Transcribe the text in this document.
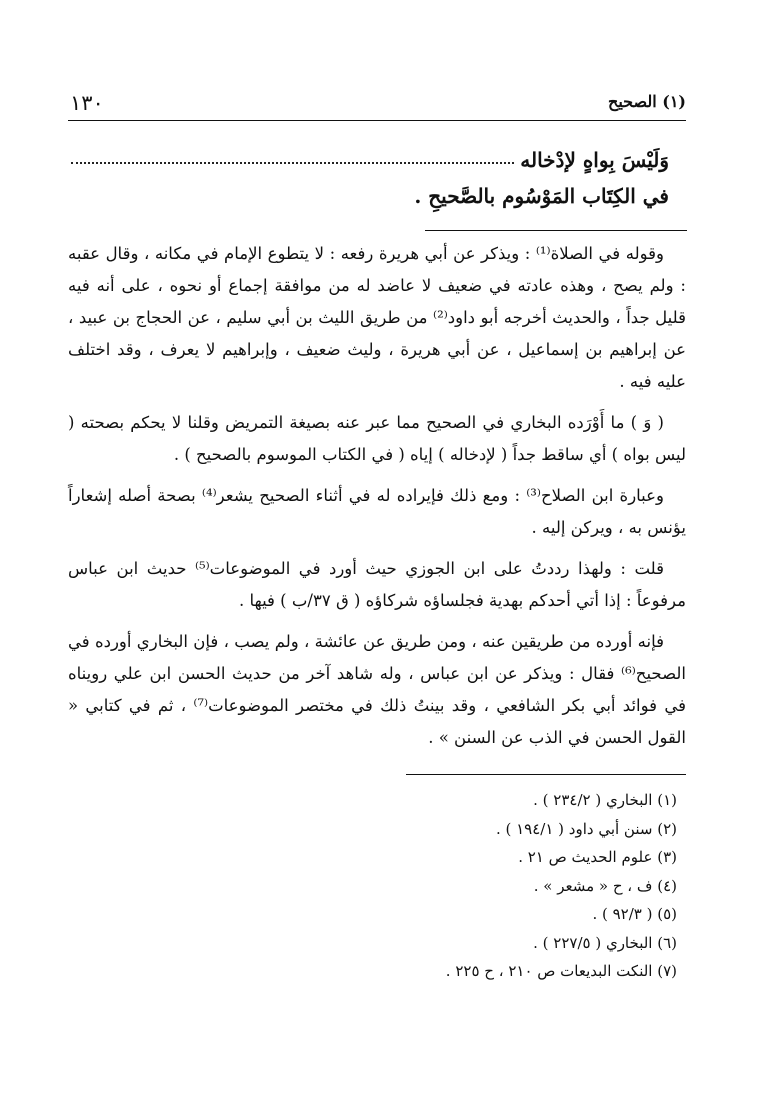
١٣٠	(١) الصحيح
وَلَيْسَ بِواهٍ لإدْخاله
في الكِتَاب المَوْسُوم بالصَّحيحِ .

وقوله في الصلاة⁽¹⁾ : ويذكر عن أبي هريرة رفعه : لا يتطوع الإمام في مكانه ، وقال عقبه : ولم يصح ، وهذه عادته في ضعيف لا عاضد له من موافقة إجماع أو نحوه ، على أنه فيه قليل جداً ، والحديث أخرجه أبو داود⁽²⁾ من طريق الليث بن أبي سليم ، عن الحجاج بن عبيد ، عن إبراهيم بن إسماعيل ، عن أبي هريرة ، وليث ضعيف ، وإبراهيم لا يعرف ، وقد اختلف عليه فيه .

( وَ ) ما أَوْرَده البخاري في الصحيح مما عبر عنه بصيغة التمريض وقلنا لا يحكم بصحته ( ليس بواه ) أي ساقط جداً ( لإدخاله ) إياه ( في الكتاب الموسوم بالصحيح ) .

وعبارة ابن الصلاح⁽³⁾ : ومع ذلك فإيراده له في أثناء الصحيح يشعر⁽⁴⁾ بصحة أصله إشعاراً يؤنس به ، ويركن إليه .

قلت : ولهذا رددتُ على ابن الجوزي حيث أورد في الموضوعات⁽⁵⁾ حديث ابن عباس مرفوعاً : إذا أتي أحدكم بهدية فجلساؤه شركاؤه ( ق ٣٧/ب ) فيها .

فإنه أورده من طريقين عنه ، ومن طريق عن عائشة ، ولم يصب ، فإن البخاري أورده في الصحيح⁽⁶⁾ فقال : ويذكر عن ابن عباس ، وله شاهد آخر من حديث الحسن ابن علي رويناه في فوائد أبي بكر الشافعي ، وقد بينتُ ذلك في مختصر الموضوعات⁽⁷⁾ ، ثم في كتابي « القول الحسن في الذب عن السنن » .

(١) البخاري ( ٢٣٤/٢ ) .
(٢) سنن أبي داود ( ١٩٤/١ ) .
(٣) علوم الحديث ص ٢١ .
(٤) ف ، ح « مشعر » .
(٥) ( ٩٢/٣ ) .
(٦) البخاري ( ٢٢٧/٥ ) .
(٧) النكت البديعات ص ٢١٠ ، ح ٢٢٥ .
